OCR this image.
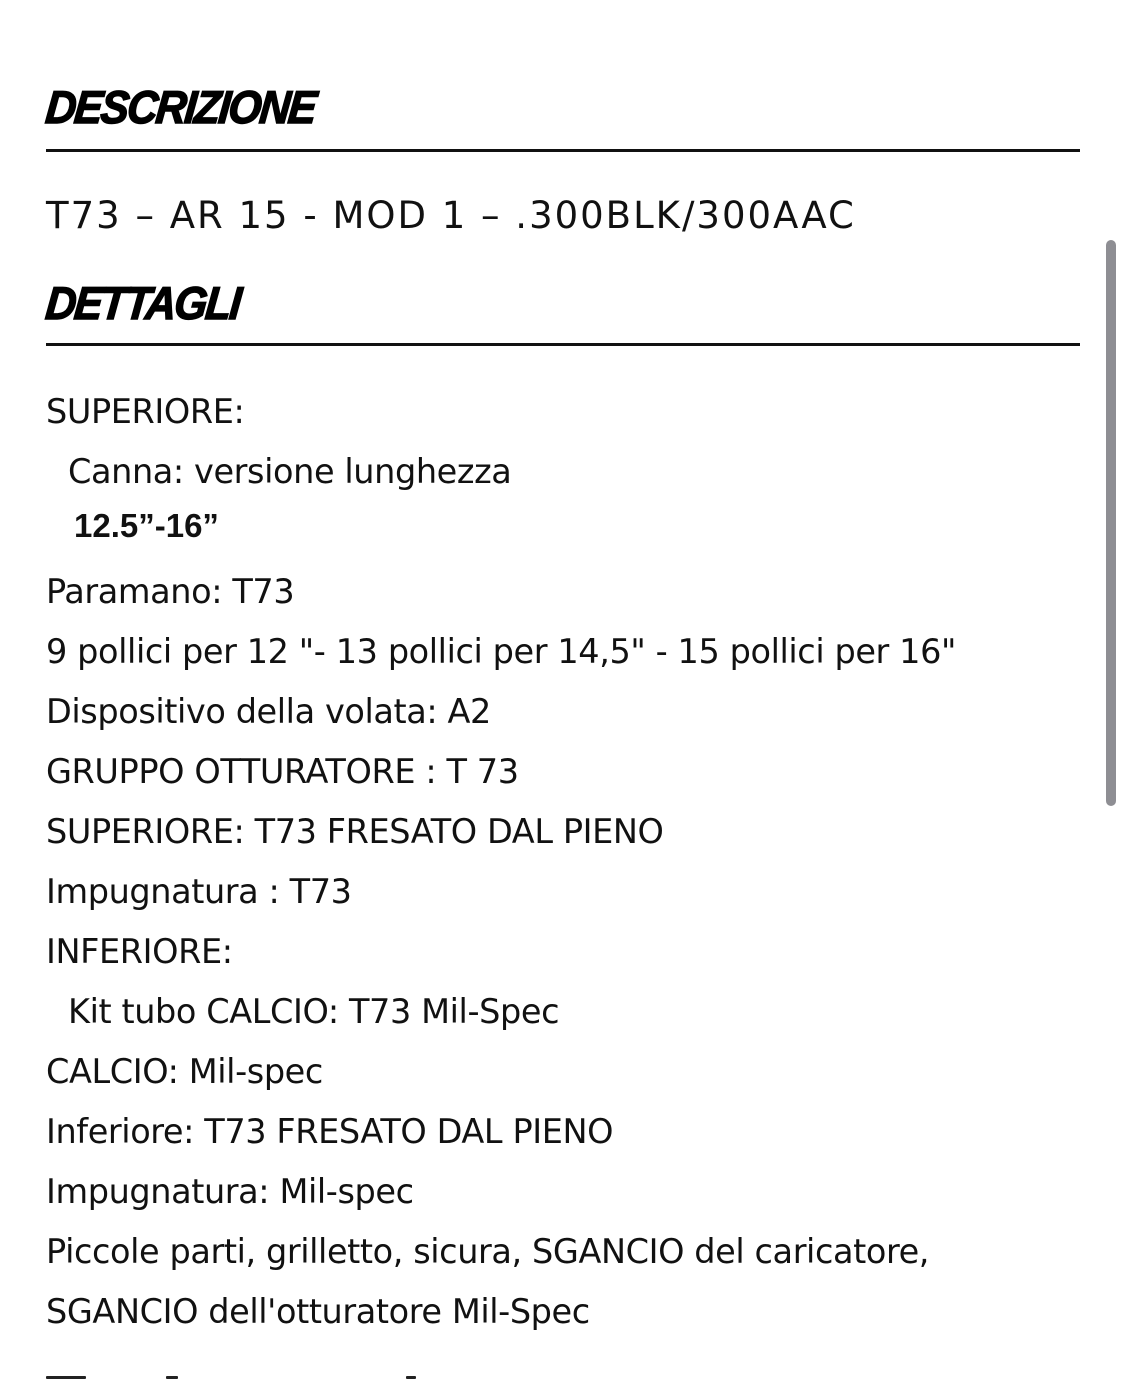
DESCRIZIONE
T73 – AR 15 - MOD 1 – .300BLK/300AAC
DETTAGLI
SUPERIORE:
Canna: versione lunghezza
12.5”-16”
Paramano: T73
9 pollici per 12 "- 13 pollici per 14,5" - 15 pollici per 16"
Dispositivo della volata: A2
GRUPPO OTTURATORE : T 73
SUPERIORE: T73 FRESATO DAL PIENO
Impugnatura : T73
INFERIORE:
Kit tubo CALCIO: T73 Mil-Spec
CALCIO: Mil-spec
Inferiore: T73 FRESATO DAL PIENO
Impugnatura: Mil-spec
Piccole parti, grilletto, sicura, SGANCIO del caricatore,
SGANCIO dell'otturatore Mil-Spec
